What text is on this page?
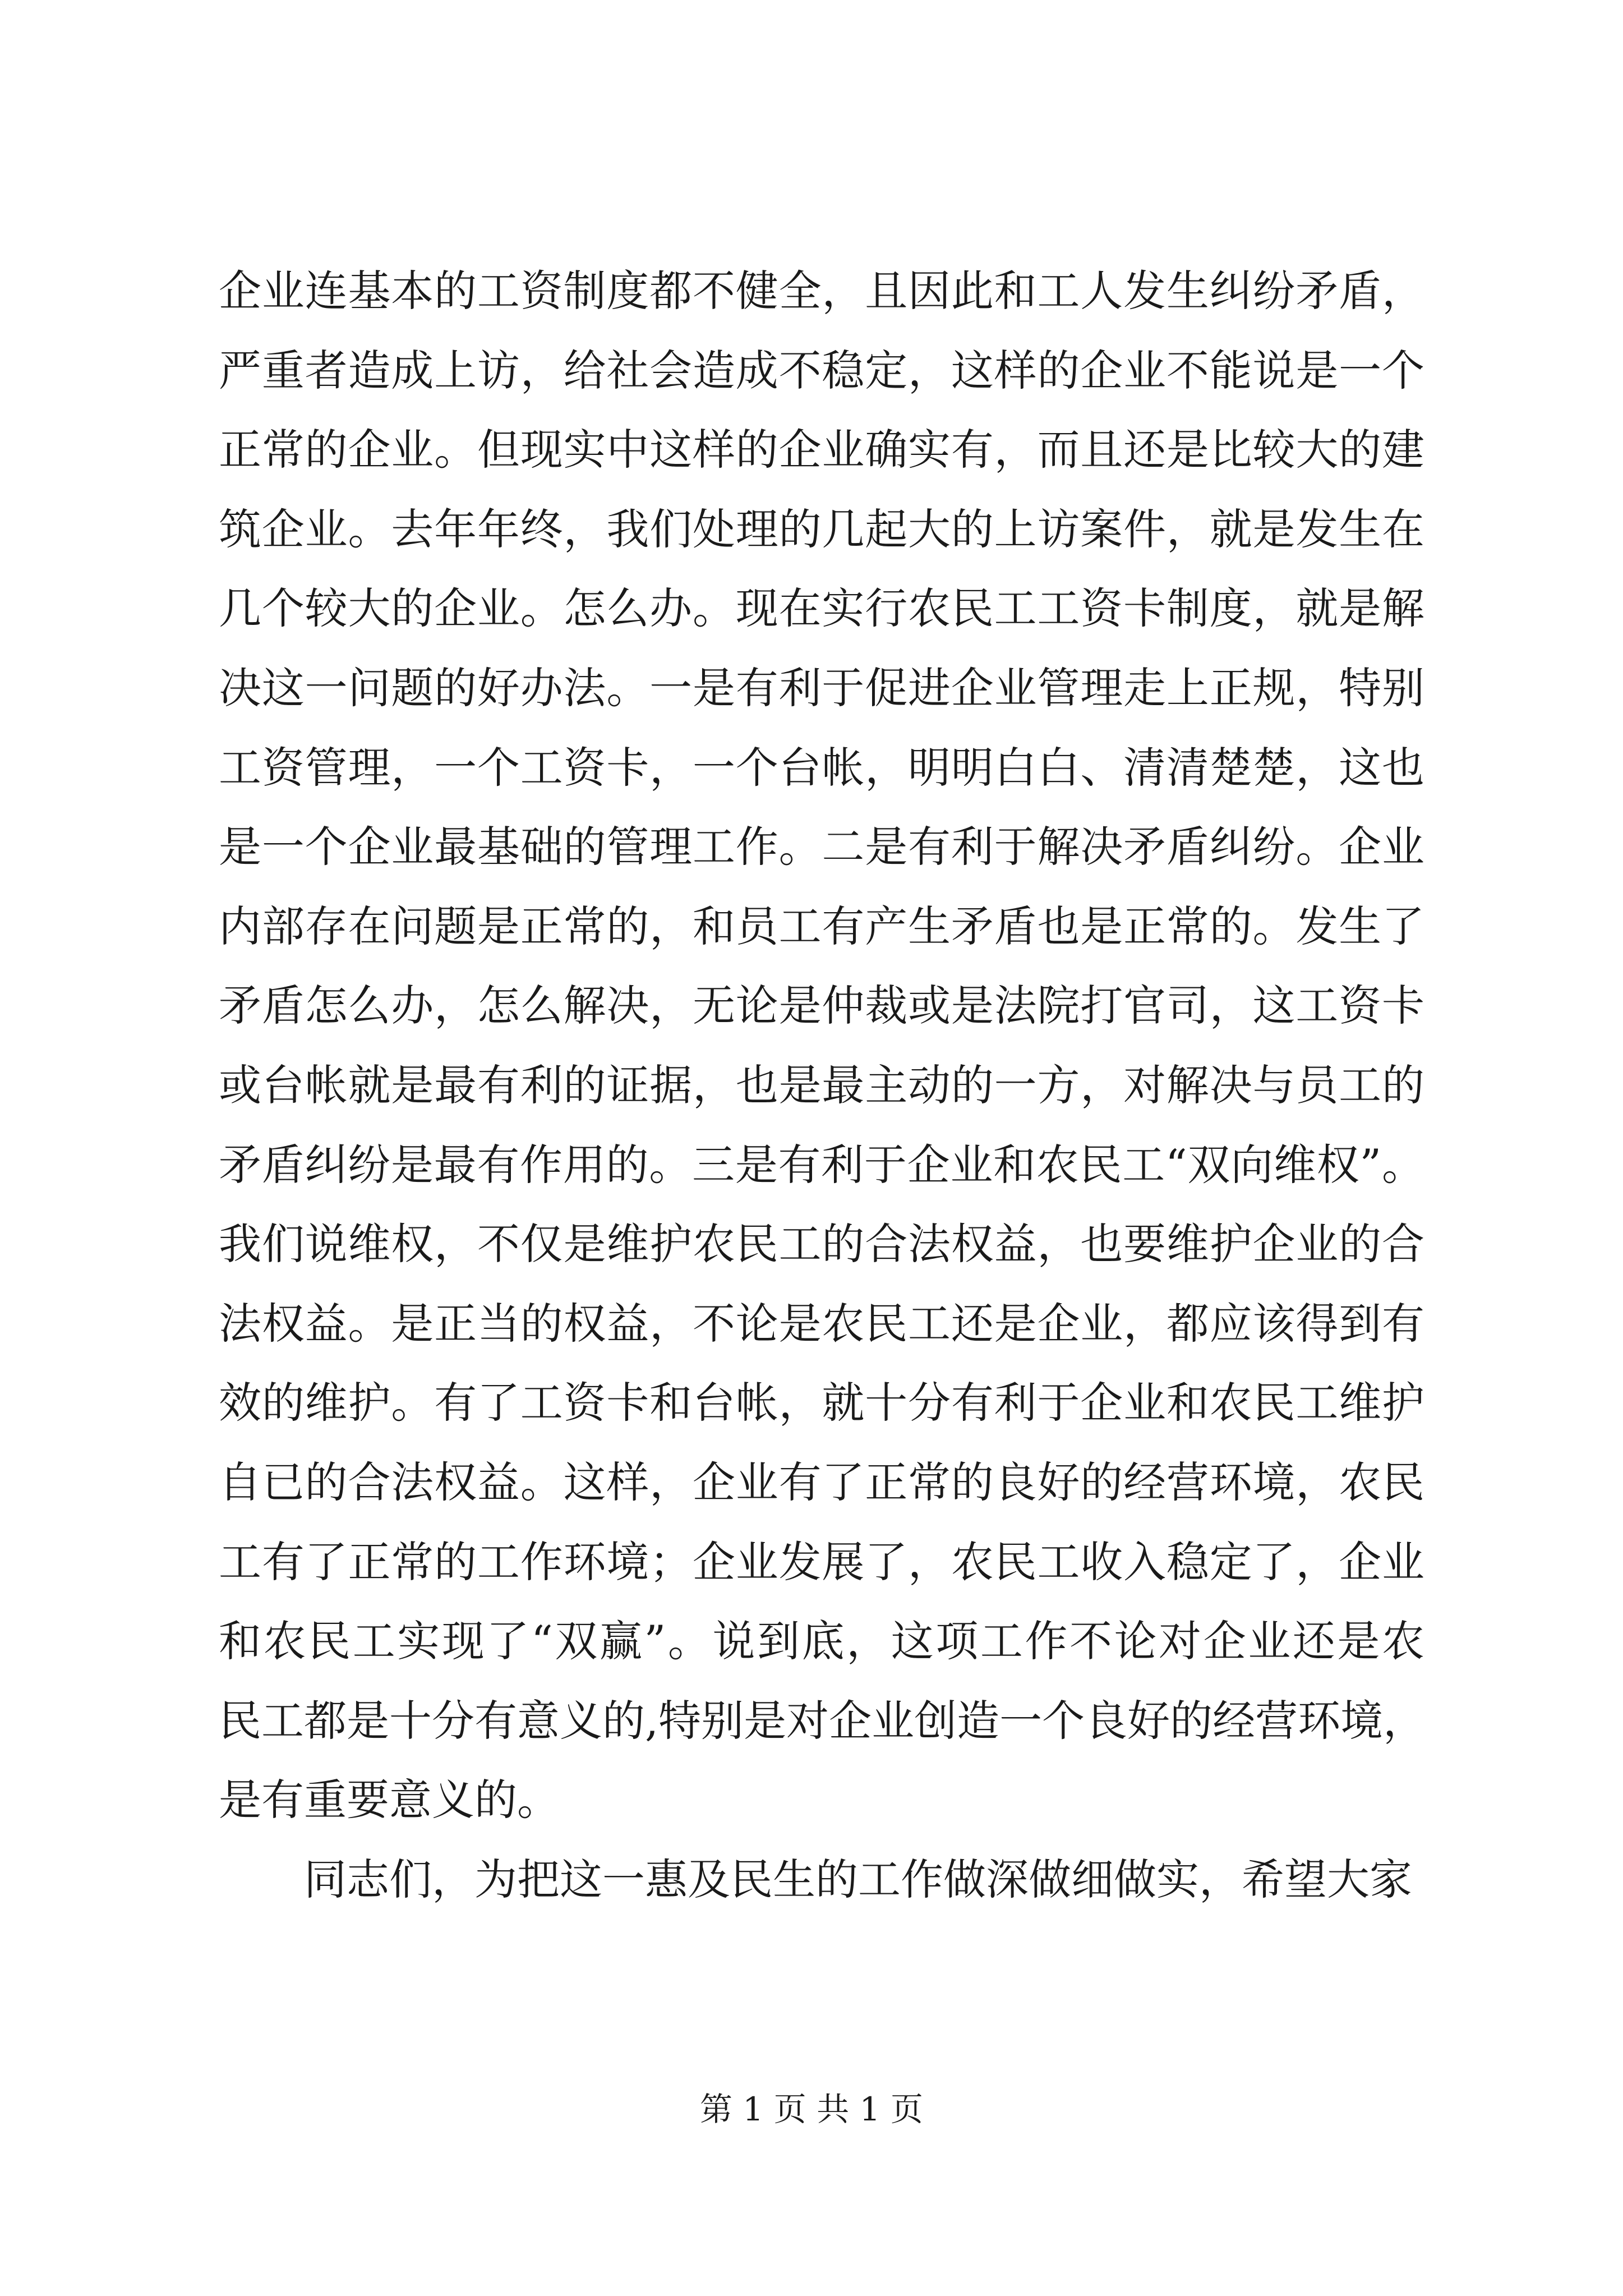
企业连基本的工资制度都不健全，且因此和工人发生纠纷矛盾，
严重者造成上访，给社会造成不稳定，这样的企业不能说是一个
正常的企业。但现实中这样的企业确实有，而且还是比较大的建
筑企业。去年年终，我们处理的几起大的上访案件，就是发生在
几个较大的企业。怎么办。现在实行农民工工资卡制度，就是解
决这一问题的好办法。一是有利于促进企业管理走上正规，特别
工资管理，一个工资卡，一个台帐，明明白白、清清楚楚，这也
是一个企业最基础的管理工作。二是有利于解决矛盾纠纷。企业
内部存在问题是正常的，和员工有产生矛盾也是正常的。发生了
矛盾怎么办，怎么解决，无论是仲裁或是法院打官司，这工资卡
或台帐就是最有利的证据，也是最主动的一方，对解决与员工的
矛盾纠纷是最有作用的。三是有利于企业和农民工“双向维权”。
我们说维权，不仅是维护农民工的合法权益，也要维护企业的合
法权益。是正当的权益，不论是农民工还是企业，都应该得到有
效的维护。有了工资卡和台帐，就十分有利于企业和农民工维护
自已的合法权益。这样，企业有了正常的良好的经营环境，农民
工有了正常的工作环境；企业发展了，农民工收入稳定了，企业
和农民工实现了“双赢”。说到底，这项工作不论对企业还是农
民工都是十分有意义的,特别是对企业创造一个良好的经营环境，
是有重要意义的。
同志们，为把这一惠及民生的工作做深做细做实，希望大家
第 1 页 共 1 页
